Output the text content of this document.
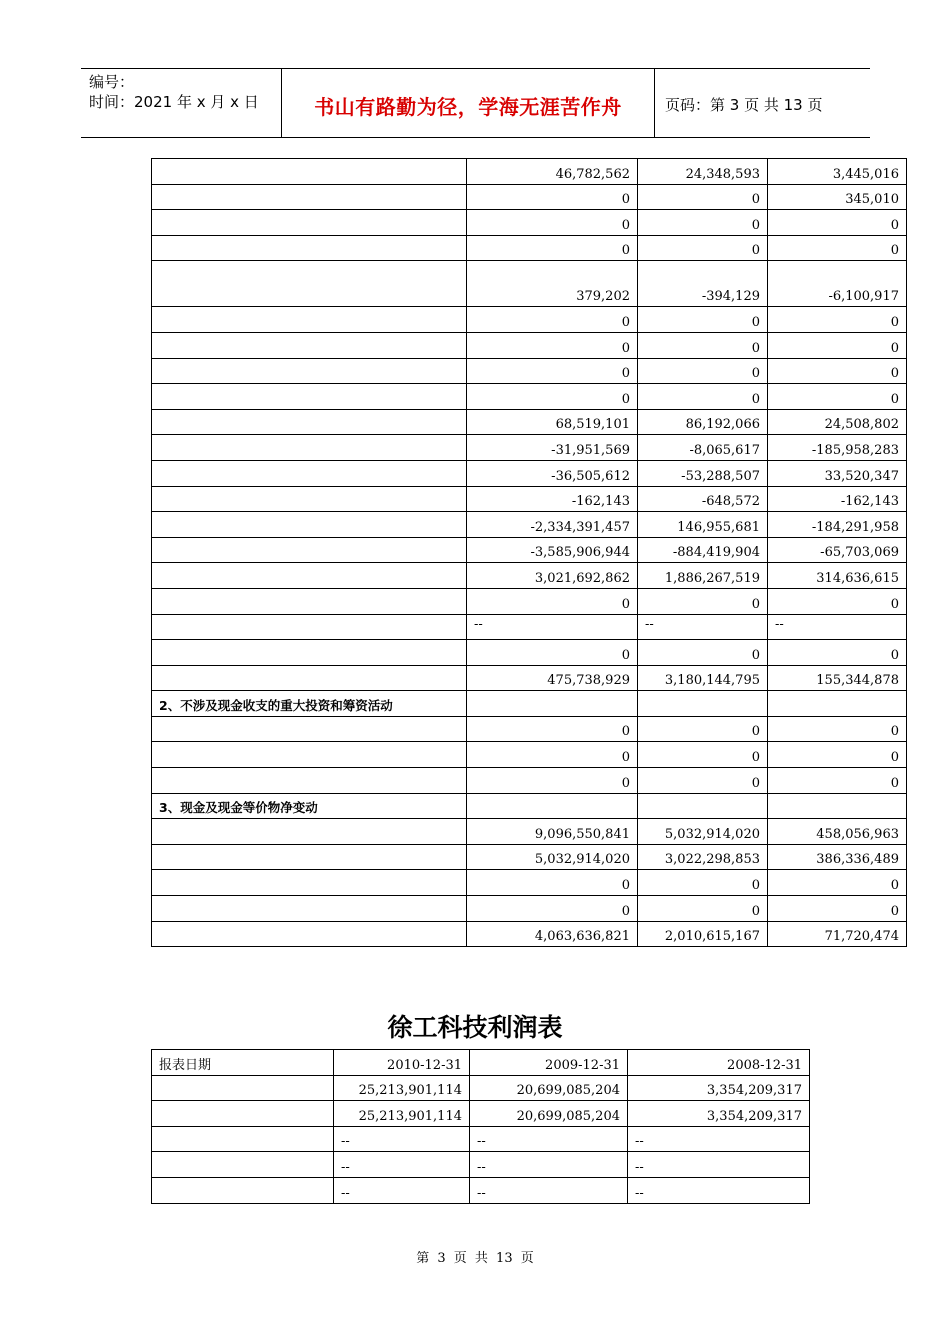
编号：
时间：2021 年 x 月 x 日	书山有路勤为径，学海无涯苦作舟	页码：第 3 页 共 13 页
	46,782,562	24,348,593	3,445,016
	0	0	345,010
	0	0	0
	0	0	0
	379,202	-394,129	-6,100,917
	0	0	0
	0	0	0
	0	0	0
	0	0	0
	68,519,101	86,192,066	24,508,802
	-31,951,569	-8,065,617	-185,958,283
	-36,505,612	-53,288,507	33,520,347
	-162,143	-648,572	-162,143
	-2,334,391,457	146,955,681	-184,291,958
	-3,585,906,944	-884,419,904	-65,703,069
	3,021,692,862	1,886,267,519	314,636,615
	0	0	0
	--	--	--
	0	0	0
	475,738,929	3,180,144,795	155,344,878
2、不涉及现金收支的重大投资和筹资活动			
	0	0	0
	0	0	0
	0	0	0
3、现金及现金等价物净变动			
	9,096,550,841	5,032,914,020	458,056,963
	5,032,914,020	3,022,298,853	386,336,489
	0	0	0
	0	0	0
	4,063,636,821	2,010,615,167	71,720,474
徐工科技利润表
报表日期	2010-12-31	2009-12-31	2008-12-31
	25,213,901,114	20,699,085,204	3,354,209,317
	25,213,901,114	20,699,085,204	3,354,209,317
	--	--	--
	--	--	--
	--	--	--
第 3 页 共 13 页
